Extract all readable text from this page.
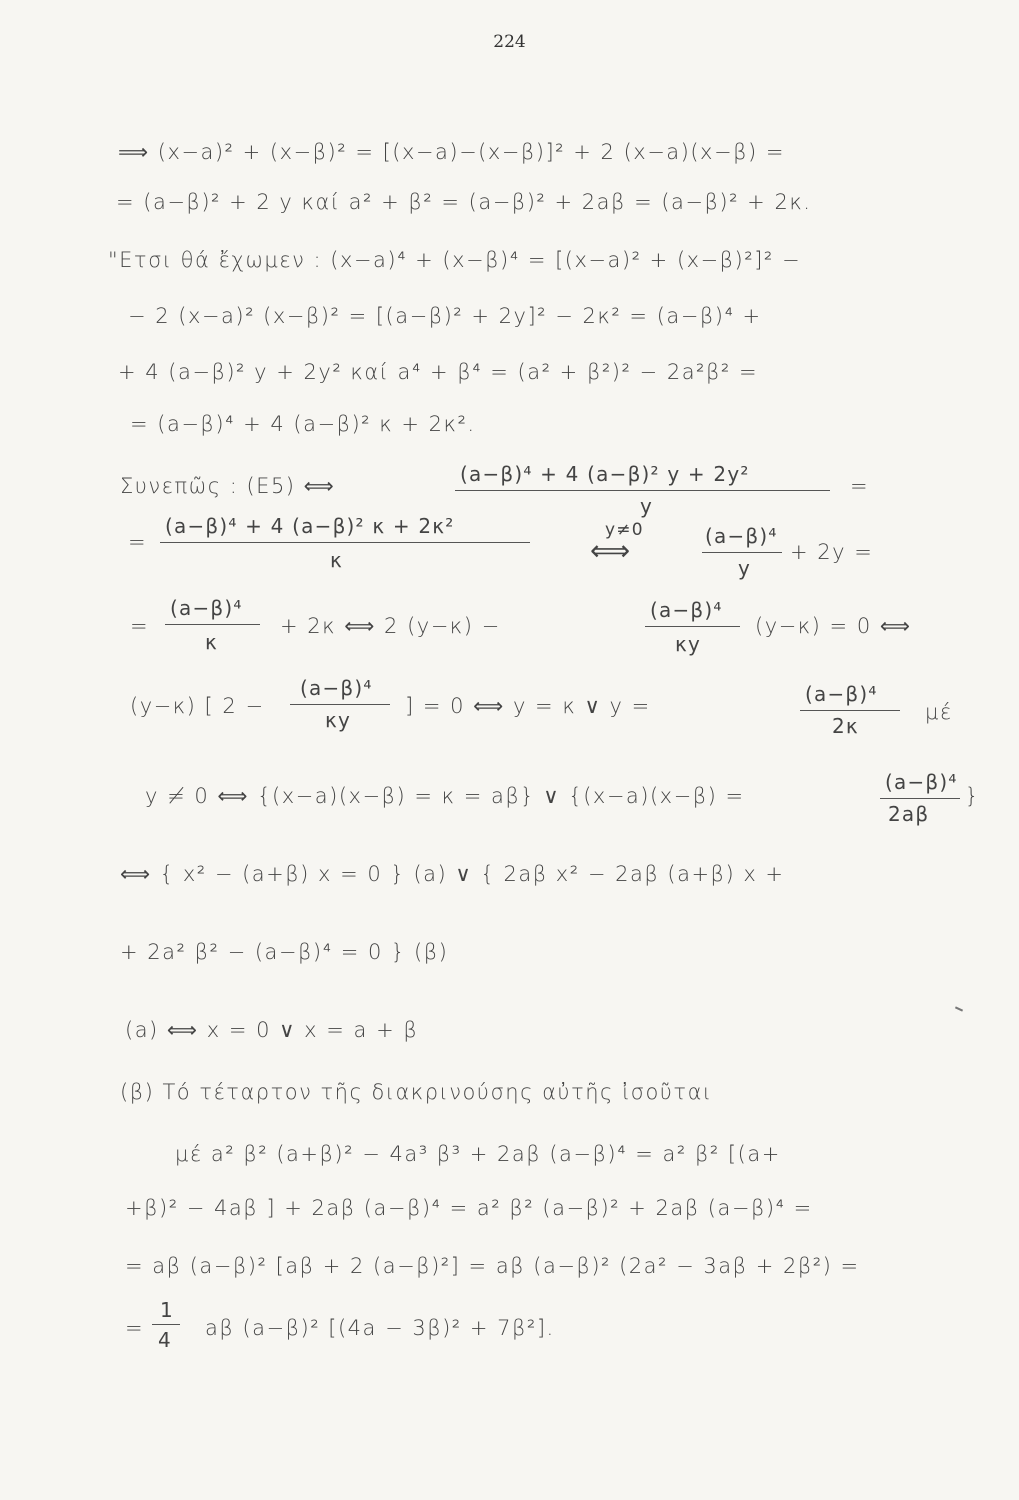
224
⟹ (x−a)² + (x−β)² = [(x−a)−(x−β)]² + 2 (x−a)(x−β) =
= (a−β)² + 2 y καί a² + β² = (a−β)² + 2aβ = (a−β)² + 2κ.
"Ετσι θά ἔχωμεν : (x−a)⁴ + (x−β)⁴ = [(x−a)² + (x−β)²]² −
− 2 (x−a)² (x−β)² = [(a−β)² + 2y]² − 2κ² = (a−β)⁴ +
+ 4 (a−β)² y + 2y² καί a⁴ + β⁴ = (a² + β²)² − 2a²β² =
= (a−β)⁴ + 4 (a−β)² κ + 2κ².
Συνεπῶς : (Ε5) ⟺	(a−β)⁴ + 4 (a−β)² y + 2y²
y
=
=
(a−β)⁴ + 4 (a−β)² κ + 2κ²
κ
y≠0
⟺	(a−β)⁴
y
+ 2y =
=
(a−β)⁴
κ
+ 2κ ⟺ 2 (y−κ) −
(a−β)⁴
κy
(y−κ) = 0 ⟺
(y−κ) [ 2 −
(a−β)⁴
κy
] = 0 ⟺ y = κ ∨ y =	(a−β)⁴
2κ
μέ
y ≠ 0 ⟺ {(x−a)(x−β) = κ = aβ} ∨ {(x−a)(x−β) =
(a−β)⁴
2aβ
}
⟺ { x² − (a+β) x = 0 } (a) ∨ { 2aβ x² − 2aβ (a+β) x +
+ 2a² β² − (a−β)⁴ = 0 } (β)
(a) ⟺ x = 0 ∨ x = a + β
(β) Τό τέταρτον τῆς διακρινούσης αὐτῆς ἰσοῦται
μέ a² β² (a+β)² − 4a³ β³ + 2aβ (a−β)⁴ = a² β² [(a+
+β)² − 4aβ ] + 2aβ (a−β)⁴ = a² β² (a−β)² + 2aβ (a−β)⁴ =
= aβ (a−β)² [aβ + 2 (a−β)²] = aβ (a−β)² (2a² − 3aβ + 2β²) =
=
1
4 aβ (a−β)² [(4a − 3β)² + 7β²].
